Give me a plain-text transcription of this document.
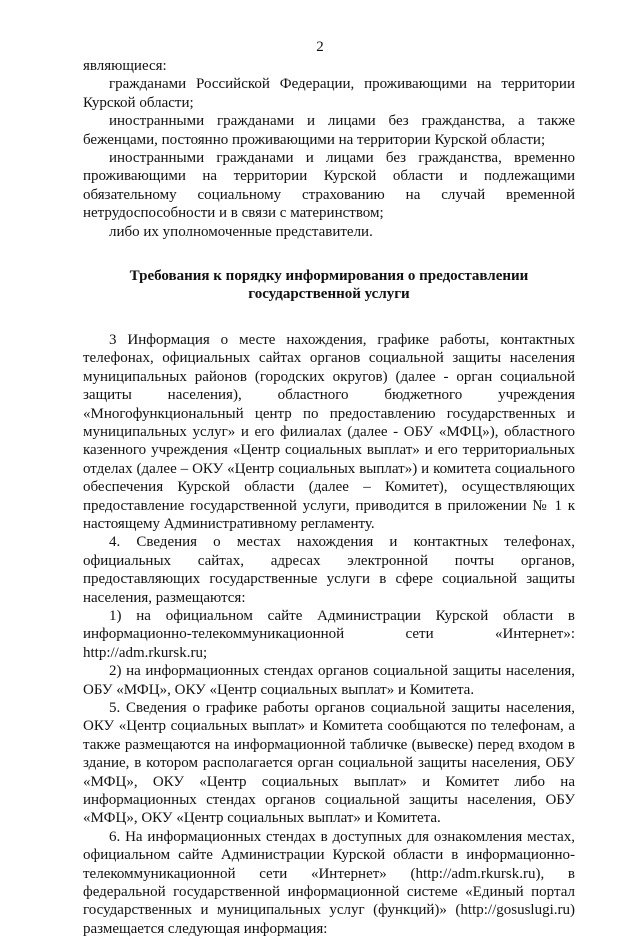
2

являющиеся:

гражданами Российской Федерации, проживающими на территории Курской области;

иностранными гражданами и лицами без гражданства, а также беженцами, постоянно проживающими на территории Курской области;

иностранными гражданами и лицами без гражданства, временно проживающими на территории Курской области и подлежащими обязательному социальному страхованию на случай временной нетрудоспособности и в связи с материнством;

либо их уполномоченные представители.

Требования к порядку информирования о предоставлении
государственной услуги

3 Информация о месте нахождения, графике работы, контактных телефонах, официальных сайтах органов социальной защиты населения муниципальных районов (городских округов) (далее - орган социальной защиты населения), областного бюджетного учреждения «Многофункциональный центр по предоставлению государственных и муниципальных услуг» и его филиалах (далее - ОБУ «МФЦ»), областного казенного учреждения «Центр социальных выплат» и его территориальных отделах (далее – ОКУ «Центр социальных выплат») и комитета социального обеспечения Курской области (далее – Комитет), осуществляющих предоставление государственной услуги, приводится в приложении № 1 к настоящему Административному регламенту.

4. Сведения о местах нахождения и контактных телефонах, официальных сайтах, адресах электронной почты органов, предоставляющих государственные услуги в сфере социальной защиты населения, размещаются:

1) на официальном сайте Администрации Курской области в информационно-телекоммуникационной сети «Интернет»: http://adm.rkursk.ru;

2) на информационных стендах органов социальной защиты населения, ОБУ «МФЦ», ОКУ «Центр социальных выплат» и Комитета.

5. Сведения о графике работы органов социальной защиты населения, ОКУ «Центр социальных выплат» и Комитета сообщаются по телефонам, а также размещаются на информационной табличке (вывеске) перед входом в здание, в котором располагается орган социальной защиты населения, ОБУ «МФЦ», ОКУ «Центр социальных выплат» и Комитет либо на информационных стендах органов социальной защиты населения, ОБУ «МФЦ», ОКУ «Центр социальных выплат» и Комитета.

6. На информационных стендах в доступных для ознакомления местах, официальном сайте Администрации Курской области в информационно-телекоммуникационной сети «Интернет» (http://adm.rkursk.ru), в федеральной государственной информационной системе «Единый портал государственных и муниципальных услуг (функций)» (http://gosuslugi.ru) размещается следующая информация:
